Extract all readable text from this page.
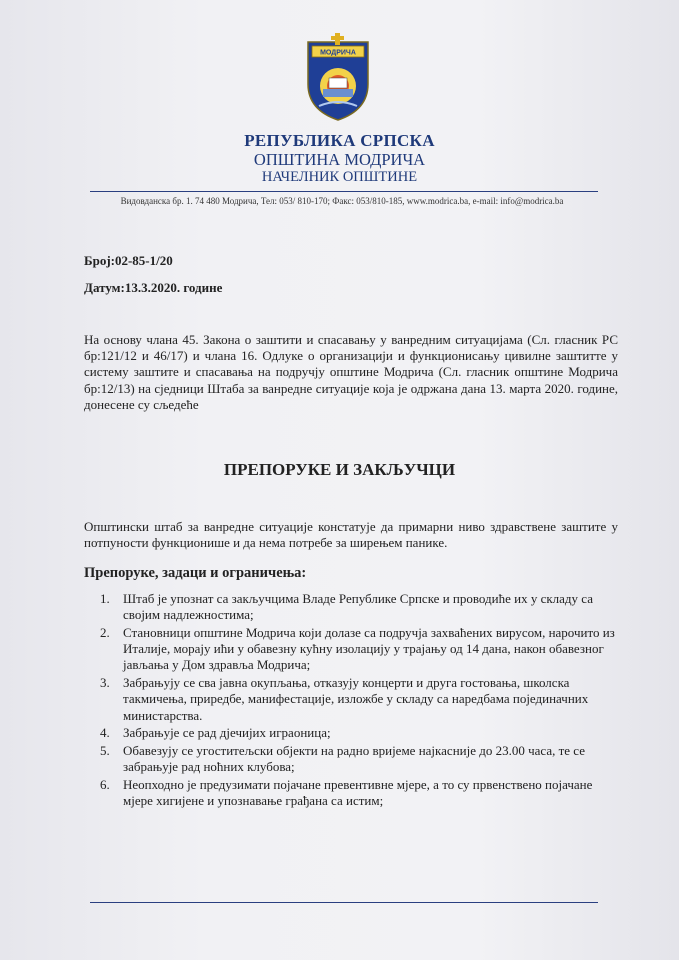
МОДРИЧА
РЕПУБЛИКА СРПСКА
ОПШТИНА МОДРИЧА
НАЧЕЛНИК ОПШТИНЕ
Видовданска бр. 1. 74 480 Модрича, Тел: 053/ 810-170; Факс: 053/810-185, www.modrica.ba, e-mail: info@modrica.ba
Број:02-85-1/20
Датум:13.3.2020. године
На основу члана 45. Закона о заштити и спасавању у ванредним ситуацијама (Сл. гласник РС бр:121/12 и 46/17) и члана 16. Одлуке о организацији и функционисању цивилне заштитте у систему заштите и спасавања на подручју општине Модрича (Сл. гласник општине Модрича бр:12/13) на сједници Штаба за ванредне ситуације која је одржана дана 13. марта 2020. године, донесене су сљедеће
ПРЕПОРУКЕ И ЗАКЉУЧЦИ
Општински штаб за ванредне ситуације констатује да примарни ниво здравствене заштите у потпуности функционише и да нема потребе за ширењем панике.
Препоруке, задаци и ограничења:
1.	Штаб је упознат са закључцима Владе Републике Српске и проводиће их у складу са својим надлежностима;
2.	Становници општине Модрича који долазе са подручја захваћених вирусом, нарочито из Италије, морају ићи у обавезну кућну изолацију у трајању од 14 дана, након обавезног јављања у Дом здравља Модрича;
3.	Забрањују се сва јавна окупљања, отказују концерти и друга гостовања, школска такмичења, приредбе, манифестације, изложбе у складу са наредбама појединачних министарства.
4.	Забрањује се рад дјечијих играоница;
5.	Обавезују се угоститељски објекти на радно вријеме најкасније до 23.00 часа, те се забрањује рад ноћних клубова;
6.	Неопходно је предузимати појачане превентивне мјере, а то су првенствено појачане мјере хигијене и упознавање грађана са истим;
